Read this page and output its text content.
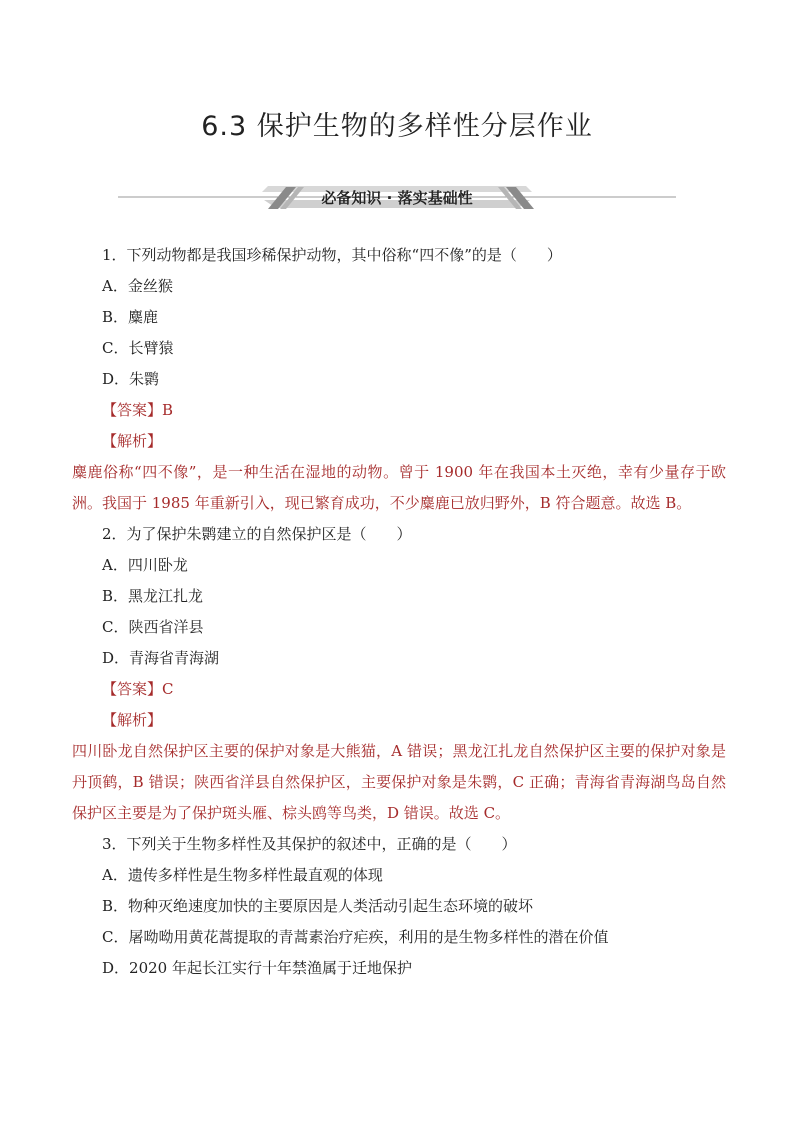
6.3 保护生物的多样性分层作业
必备知识 · 落实基础性
1．下列动物都是我国珍稀保护动物，其中俗称“四不像”的是（　　）
A．金丝猴
B．麋鹿
C．长臂猿
D．朱鹮
【答案】B
【解析】
麋鹿俗称“四不像”，是一种生活在湿地的动物。曾于 1900 年在我国本土灭绝，幸有少量存于欧洲。我国于 1985 年重新引入，现已繁育成功，不少麋鹿已放归野外，B 符合题意。故选 B。
2．为了保护朱鹮建立的自然保护区是（　　）
A．四川卧龙
B．黑龙江扎龙
C．陕西省洋县
D．青海省青海湖
【答案】C
【解析】
四川卧龙自然保护区主要的保护对象是大熊猫，A 错误；黑龙江扎龙自然保护区主要的保护对象是丹顶鹤，B 错误；陕西省洋县自然保护区，主要保护对象是朱鹮，C 正确；青海省青海湖鸟岛自然保护区主要是为了保护斑头雁、棕头鸥等鸟类，D 错误。故选 C。
3．下列关于生物多样性及其保护的叙述中，正确的是（　　）
A．遗传多样性是生物多样性最直观的体现
B．物种灭绝速度加快的主要原因是人类活动引起生态环境的破坏
C．屠呦呦用黄花蒿提取的青蒿素治疗疟疾，利用的是生物多样性的潜在价值
D．2020 年起长江实行十年禁渔属于迁地保护
